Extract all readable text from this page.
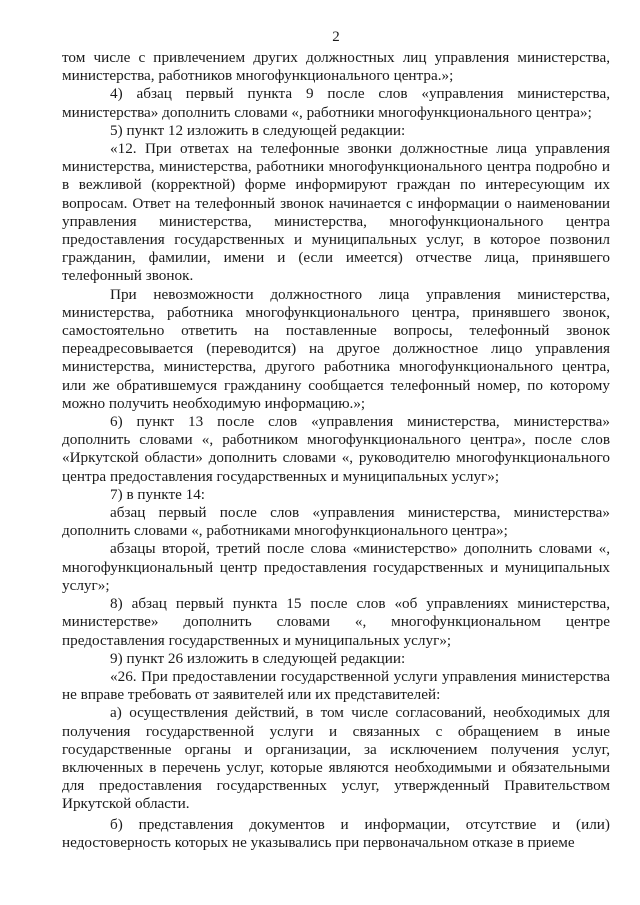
2

том числе с привлечением других должностных лиц управления министерства, министерства, работников многофункционального центра.»;

4) абзац первый пункта 9 после слов «управления министерства, министерства» дополнить словами «, работники многофункционального центра»;

5) пункт 12 изложить в следующей редакции:

«12. При ответах на телефонные звонки должностные лица управления министерства, министерства, работники многофункционального центра подробно и в вежливой (корректной) форме информируют граждан по интересующим их вопросам. Ответ на телефонный звонок начинается с информации о наименовании управления министерства, министерства, многофункционального центра предоставления государственных и муниципальных услуг, в которое позвонил гражданин, фамилии, имени и (если имеется) отчестве лица, принявшего телефонный звонок.

При невозможности должностного лица управления министерства, министерства, работника многофункционального центра, принявшего звонок, самостоятельно ответить на поставленные вопросы, телефонный звонок переадресовывается (переводится) на другое должностное лицо управления министерства, министерства, другого работника многофункционального центра, или же обратившемуся гражданину сообщается телефонный номер, по которому можно получить необходимую информацию.»;

6) пункт 13 после слов «управления министерства, министерства» дополнить словами «, работником многофункционального центра», после слов «Иркутской области» дополнить словами «, руководителю многофункционального центра предоставления государственных и муниципальных услуг»;

7) в пункте 14:

абзац первый после слов «управления министерства, министерства» дополнить словами «, работниками многофункционального центра»;

абзацы второй, третий после слова «министерство» дополнить словами «, многофункциональный центр предоставления государственных и муниципальных услуг»;

8) абзац первый пункта 15 после слов «об управлениях министерства, министерстве» дополнить словами «, многофункциональном центре предоставления государственных и муниципальных услуг»;

9) пункт 26 изложить в следующей редакции:

«26. При предоставлении государственной услуги управления министерства не вправе требовать от заявителей или их представителей:

а) осуществления действий, в том числе согласований, необходимых для получения государственной услуги и связанных с обращением в иные государственные органы и организации, за исключением получения услуг, включенных в перечень услуг, которые являются необходимыми и обязательными для предоставления государственных услуг, утвержденный Правительством Иркутской области.

б) представления документов и информации, отсутствие и (или) недостоверность которых не указывались при первоначальном отказе в приеме
